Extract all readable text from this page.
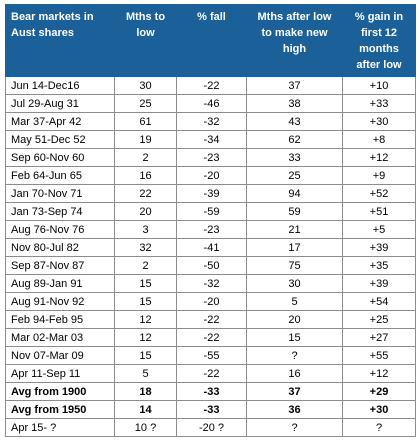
Bear markets in Aust shares	Mths to low	% fall	Mths after low to make new high	% gain in first 12 months after low
Jun 14-Dec16	30	-22	37	+10
Jul 29-Aug 31	25	-46	38	+33
Mar 37-Apr 42	61	-32	43	+30
May 51-Dec 52	19	-34	62	+8
Sep 60-Nov 60	2	-23	33	+12
Feb 64-Jun 65	16	-20	25	+9
Jan 70-Nov 71	22	-39	94	+52
Jan 73-Sep 74	20	-59	59	+51
Aug 76-Nov 76	3	-23	21	+5
Nov 80-Jul 82	32	-41	17	+39
Sep 87-Nov 87	2	-50	75	+35
Aug 89-Jan 91	15	-32	30	+39
Aug 91-Nov 92	15	-20	5	+54
Feb 94-Feb 95	12	-22	20	+25
Mar 02-Mar 03	12	-22	15	+27
Nov 07-Mar 09	15	-55	?	+55
Apr 11-Sep 11	5	-22	16	+12
Avg from 1900	18	-33	37	+29
Avg from 1950	14	-33	36	+30
Apr 15- ?	10 ?	-20 ?	?	?
